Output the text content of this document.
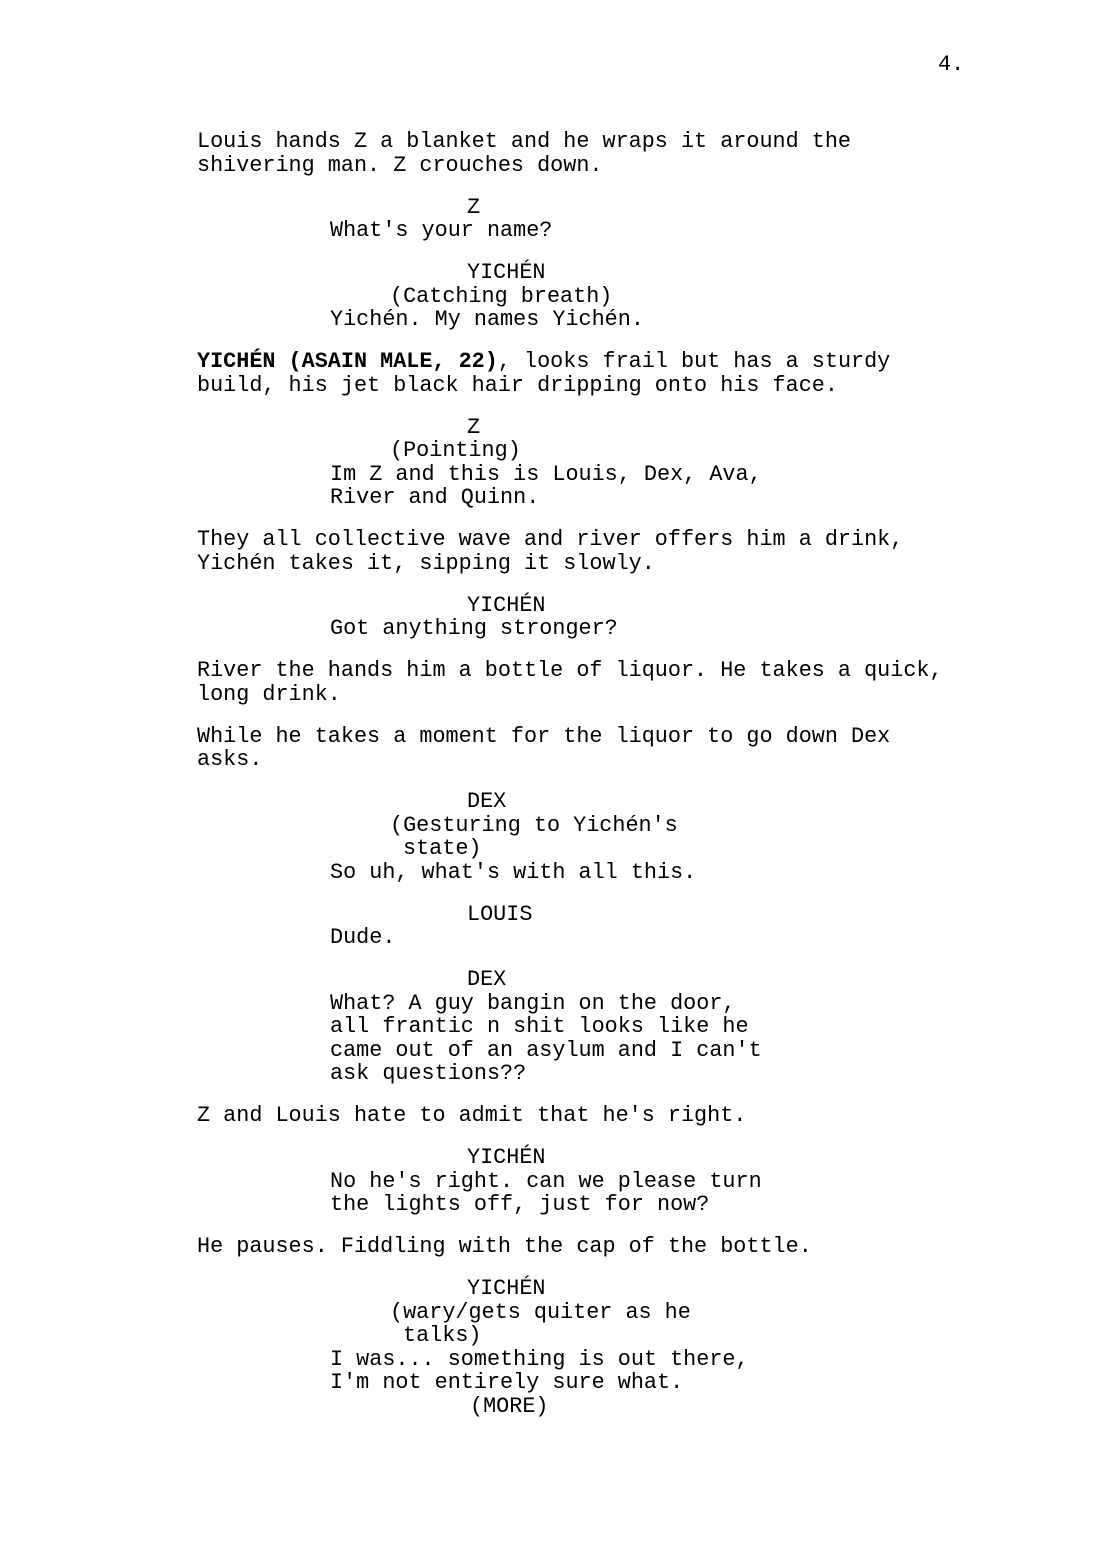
4.
Louis hands Z a blanket and he wraps it around the
shivering man. Z crouches down.
Z
What's your name?
YICHÉN
(Catching breath)
Yichén. My names Yichén.
YICHÉN (ASAIN MALE, 22), looks frail but has a sturdy
build, his jet black hair dripping onto his face.
Z
(Pointing)
Im Z and this is Louis, Dex, Ava,
River and Quinn.
They all collective wave and river offers him a drink,
Yichén takes it, sipping it slowly.
YICHÉN
Got anything stronger?
River the hands him a bottle of liquor. He takes a quick,
long drink.
While he takes a moment for the liquor to go down Dex
asks.
DEX
(Gesturing to Yichén's
state)
So uh, what's with all this.
LOUIS
Dude.
DEX
What? A guy bangin on the door,
all frantic n shit looks like he
came out of an asylum and I can't
ask questions??
Z and Louis hate to admit that he's right.
YICHÉN
No he's right. can we please turn
the lights off, just for now?
He pauses. Fiddling with the cap of the bottle.
YICHÉN
(wary/gets quiter as he
talks)
I was... something is out there,
I'm not entirely sure what.
(MORE)
